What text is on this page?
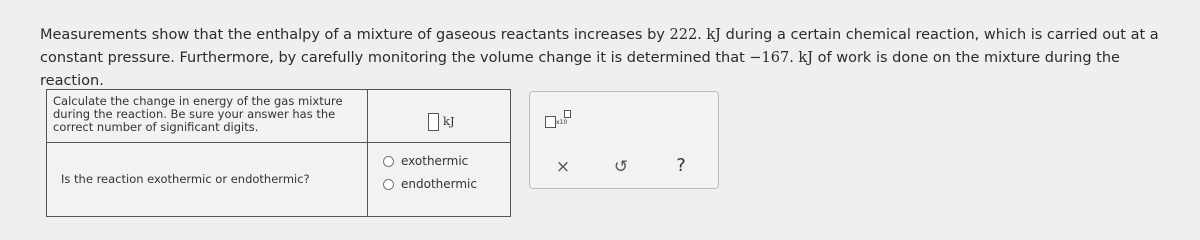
Measurements show that the enthalpy of a mixture of gaseous reactants increases by 222. kJ during a certain chemical reaction, which is carried out at a
constant pressure. Furthermore, by carefully monitoring the volume change it is determined that −167. kJ of work is done on the mixture during the reaction.

Calculate the change in energy of the gas mixture during the reaction. Be sure your answer has the correct number of significant digits.	kJ
Is the reaction exothermic or endothermic?
exothermic
endothermic
x10
×	↺	?
